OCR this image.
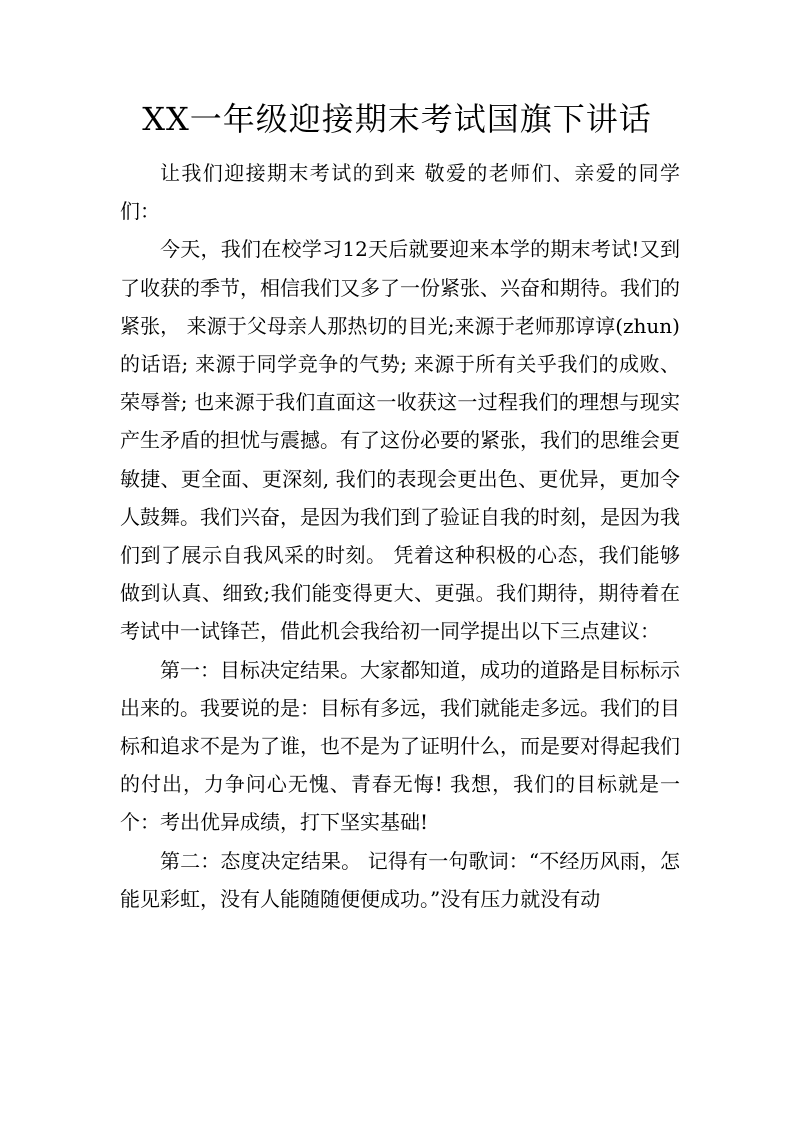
XX一年级迎接期末考试国旗下讲话

让我们迎接期末考试的到来 敬爱的老师们、亲爱的同学们：

今天，我们在校学习12天后就要迎来本学的期末考试!又到了收获的季节，相信我们又多了一份紧张、兴奋和期待。我们的紧张， 来源于父母亲人那热切的目光;来源于老师那谆谆(zhun)的话语; 来源于同学竞争的气势; 来源于所有关乎我们的成败、荣辱誉; 也来源于我们直面这一收获这一过程我们的理想与现实产生矛盾的担忧与震撼。有了这份必要的紧张，我们的思维会更敏捷、更全面、更深刻, 我们的表现会更出色、更优异，更加令人鼓舞。我们兴奋，是因为我们到了验证自我的时刻，是因为我们到了展示自我风采的时刻。 凭着这种积极的心态，我们能够做到认真、细致;我们能变得更大、更强。我们期待，期待着在考试中一试锋芒，借此机会我给初一同学提出以下三点建议：

第一：目标决定结果。大家都知道，成功的道路是目标标示出来的。我要说的是：目标有多远，我们就能走多远。我们的目标和追求不是为了谁，也不是为了证明什么，而是要对得起我们的付出，力争问心无愧、青春无悔! 我想，我们的目标就是一个：考出优异成绩，打下坚实基础!

第二：态度决定结果。 记得有一句歌词：“不经历风雨，怎能见彩虹，没有人能随随便便成功。”没有压力就没有动
